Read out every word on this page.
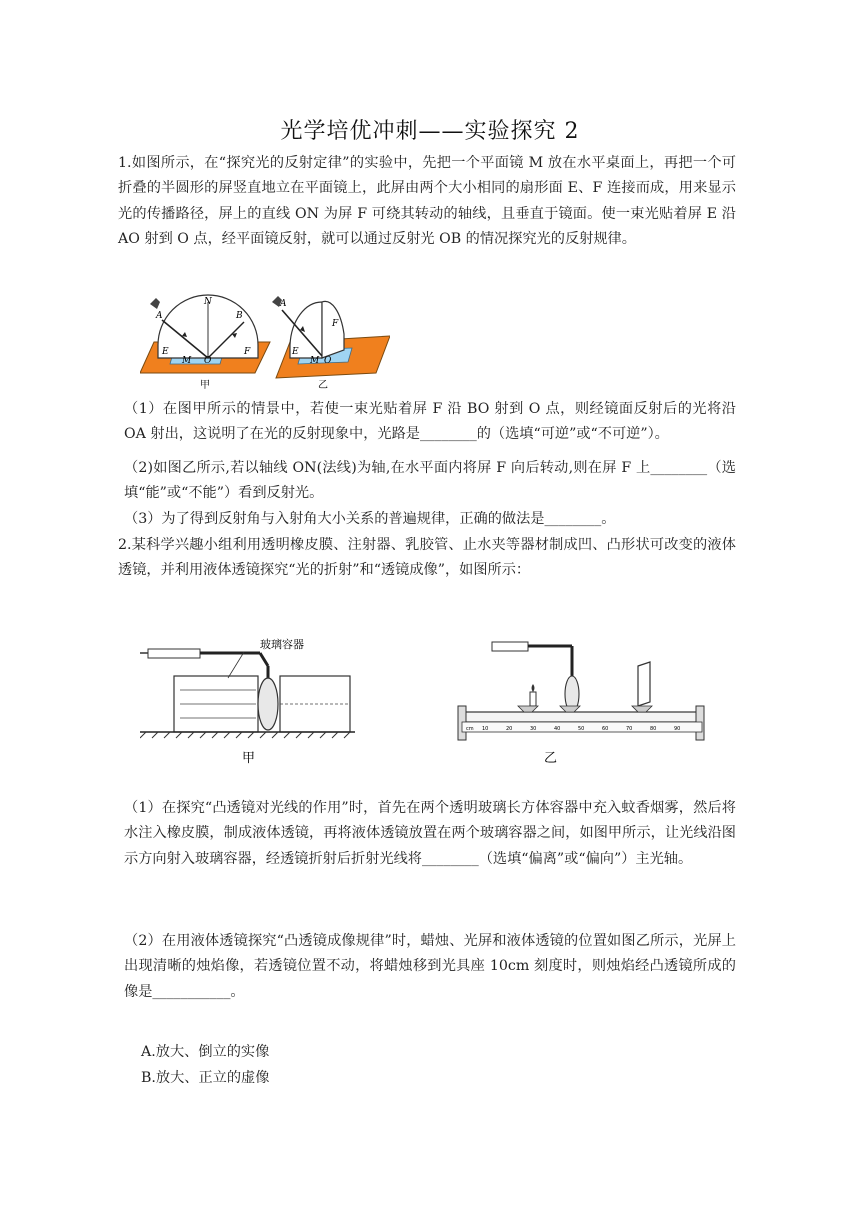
光学培优冲刺——实验探究 2
1.如图所示，在“探究光的反射定律”的实验中，先把一个平面镜 M 放在水平桌面上，再把一个可折叠的半圆形的屏竖直地立在平面镜上，此屏由两个大小相同的扇形面 E、F 连接而成，用来显示光的传播路径，屏上的直线 ON 为屏 F 可绕其转动的轴线，且垂直于镜面。使一束光贴着屏 E 沿 AO 射到 O 点，经平面镜反射，就可以通过反射光 OB 的情况探究光的反射规律。
A
N
B
E	F
M O
甲
A
F
E
M O
乙
（1）在图甲所示的情景中，若使一束光贴着屏 F 沿 BO 射到 O 点，则经镜面反射后的光将沿 OA 射出，这说明了在光的反射现象中，光路是________的（选填“可逆”或“不可逆”）。
（2)如图乙所示,若以轴线 ON(法线)为轴,在水平面内将屏 F 向后转动,则在屏 F 上________（选填“能”或“不能”）看到反射光。
（3）为了得到反射角与入射角大小关系的普遍规律，正确的做法是________。
2.某科学兴趣小组利用透明橡皮膜、注射器、乳胶管、止水夹等器材制成凹、凸形状可改变的液体透镜，并利用液体透镜探究“光的折射”和“透镜成像”，如图所示：
玻璃容器
甲
cm 10	20	30	40	50	60	70	80	90
乙
（1）在探究“凸透镜对光线的作用”时，首先在两个透明玻璃长方体容器中充入蚊香烟雾，然后将水注入橡皮膜，制成液体透镜，再将液体透镜放置在两个玻璃容器之间，如图甲所示，让光线沿图示方向射入玻璃容器，经透镜折射后折射光线将________（选填“偏离”或“偏向”）主光轴。
（2）在用液体透镜探究“凸透镜成像规律”时，蜡烛、光屏和液体透镜的位置如图乙所示，光屏上出现清晰的烛焰像，若透镜位置不动，将蜡烛移到光具座 10cm 刻度时，则烛焰经凸透镜所成的像是___________。
A.放大、倒立的实像
B.放大、正立的虚像
